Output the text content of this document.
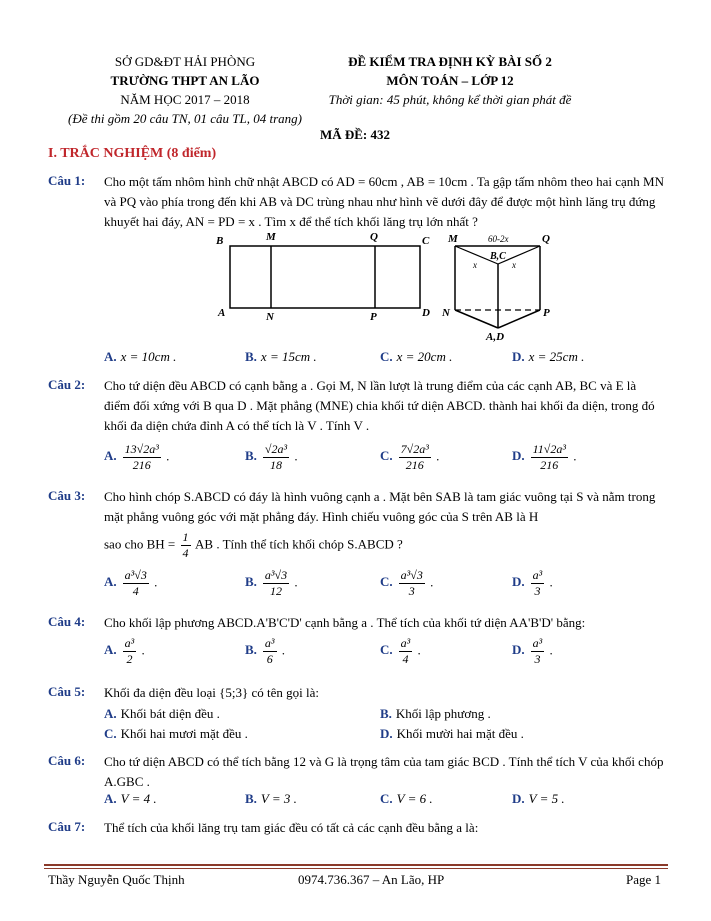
SỞ GD&ĐT HẢI PHÒNG
TRƯỜNG THPT AN LÃO
NĂM HỌC 2017 – 2018
(Đề thi gồm 20 câu TN, 01 câu TL, 04 trang)
ĐỀ KIỂM TRA ĐỊNH KỲ BÀI SỐ 2
MÔN TOÁN – LỚP 12
Thời gian: 45 phút, không kể thời gian phát đề
MÃ ĐỀ: 432
I. TRẮC NGHIỆM (8 điểm)
Câu 1: Cho một tấm nhôm hình chữ nhật ABCD có AD = 60cm , AB = 10cm . Ta gập tấm nhôm theo hai cạnh MN và PQ vào phía trong đến khi AB và DC trùng nhau như hình vẽ dưới đây để được một hình lăng trụ đứng khuyết hai đáy, AN = PD = x . Tìm x để thể tích khối lăng trụ lớn nhất ?
B	M	Q	C
A	N	P	D
M	Q
60-2x
B,C
x	x
N	P
A,D
A. x = 10cm .	B. x = 15cm .	C. x = 20cm .	D. x = 25cm .
Câu 2: Cho tứ diện đều ABCD có cạnh bằng a . Gọi M, N lần lượt là trung điểm của các cạnh AB, BC và E là điểm đối xứng với B qua D . Mặt phẳng (MNE) chia khối tứ diện ABCD. thành hai khối đa diện, trong đó khối đa diện chứa đỉnh A có thể tích là V . Tính V .
A. $\frac{\text{13√2a³}}{216}$ .	B. $\frac{\text{√2a³}}{18}$ .	C. $\frac{\text{7√2a³}}{216}$ .	D. $\frac{\text{11√2a³}}{216}$ .
Câu 3: Cho hình chóp S.ABCD có đáy là hình vuông cạnh a . Mặt bên SAB là tam giác vuông tại S và nằm trong mặt phẳng vuông góc với mặt phẳng đáy. Hình chiếu vuông góc của S trên AB là H
sao cho BH = $\frac{1}{4}$ AB . Tính thể tích khối chóp S.ABCD ?
A. $\frac{\text{a³√3}}{4}$ .	B. $\frac{\text{a³√3}}{12}$ .	C. $\frac{\text{a³√3}}{3}$ .	D. $\frac{\text{a³}}{3}$ .
Câu 4: Cho khối lập phương ABCD.A'B'C'D' cạnh bằng a . Thể tích của khối tứ diện AA'B'D' bằng:
A. $\frac{\text{a³}}{2}$ .	B. $\frac{\text{a³}}{6}$ .	C. $\frac{\text{a³}}{4}$ .	D. $\frac{\text{a³}}{3}$ .
Câu 5: Khối đa diện đều loại {5;3} có tên gọi là:
A. Khối bát diện đều .	B. Khối lập phương .
C. Khối hai mươi mặt đều .	D. Khối mười hai mặt đều .
Câu 6: Cho tứ diện ABCD có thể tích bằng 12 và G là trọng tâm của tam giác BCD . Tính thể tích V của khối chóp A.GBC .
A. V = 4 .	B. V = 3 .	C. V = 6 .	D. V = 5 .
Câu 7: Thể tích của khối lăng trụ tam giác đều có tất cả các cạnh đều bằng a là:
Thầy Nguyễn Quốc Thịnh	0974.736.367 – An Lão, HP	Page 1
